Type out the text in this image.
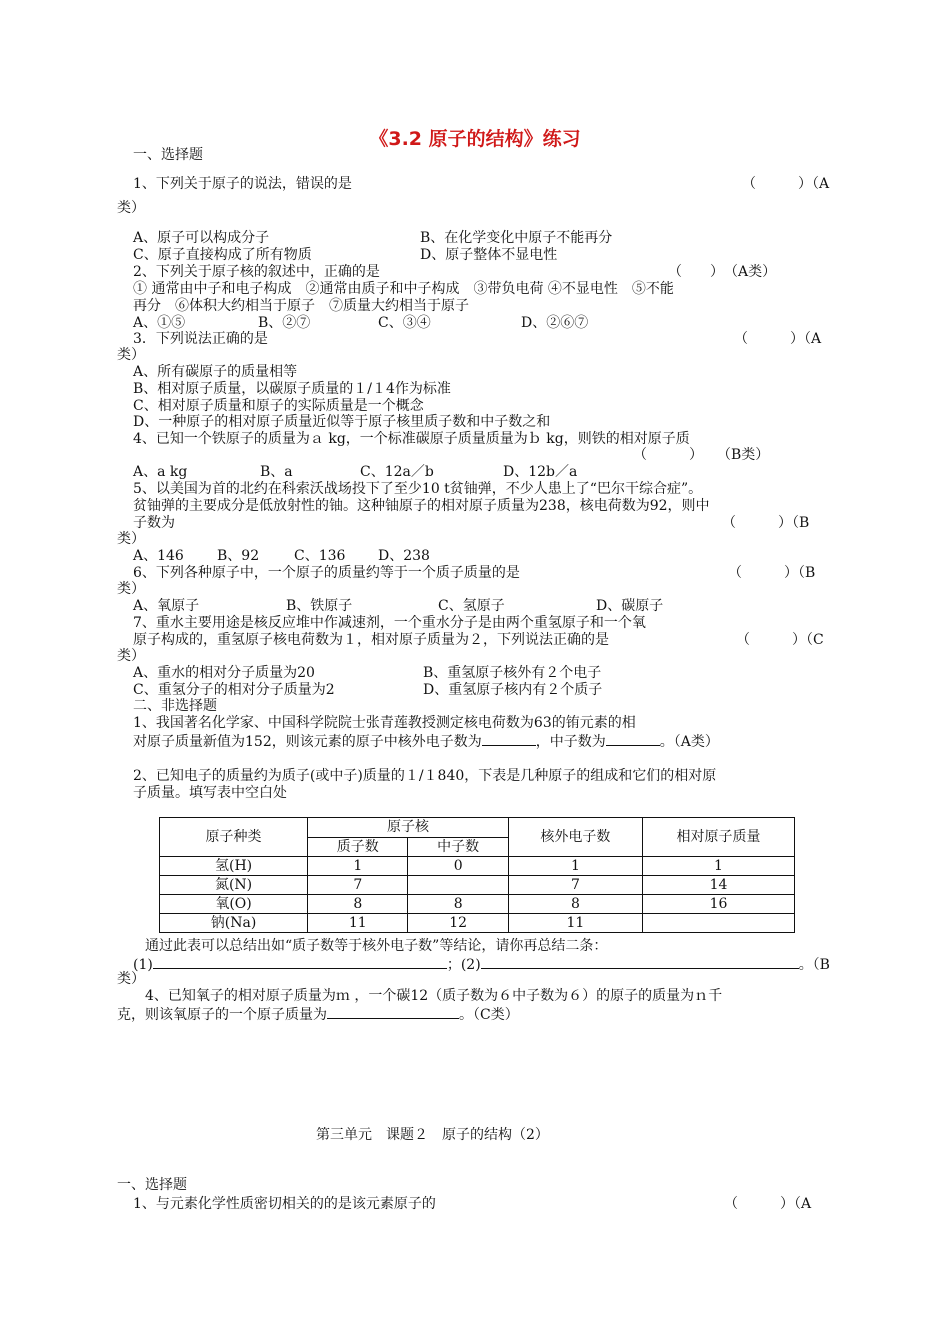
《3.2 原子的结构》练习
一、选择题
1、下列关于原子的说法，错误的是	（　　　）（A
类）
A、原子可以构成分子	B、在化学变化中原子不能再分
C、原子直接构成了所有物质	D、原子整体不显电性
2、下列关于原子核的叙述中，正确的是	（　　）　（A类）
① 通常由中子和电子构成　②通常由质子和中子构成　③带负电荷 ④不显电性　⑤不能
再分　⑥体积大约相当于原子　⑦质量大约相当于原子
A、①⑤	B、②⑦	C、③④	D、②⑥⑦
3．下列说法正确的是	（　　　）（A
类）
A、所有碳原子的质量相等
B、相对原子质量，以碳原子质量的１/１4作为标准
C、相对原子质量和原子的实际质量是一个概念
D、一种原子的相对原子质量近似等于原子核里质子数和中子数之和
4、已知一个铁原子的质量为ａ kg，一个标准碳原子质量质量为ｂ kg，则铁的相对原子质
（　　　）　　（B类）
A、a kg	B、a	C、12a／b	D、12b／a
5、以美国为首的北约在科索沃战场投下了至少10 t贫铀弹，不少人患上了“巴尔干综合症”。
贫铀弹的主要成分是低放射性的铀。这种铀原子的相对原子质量为238，核电荷数为92，则中
子数为	（　　　）（B
类）
A、146 B、92 C、136 D、238
6、下列各种原子中，一个原子的质量约等于一个质子质量的是	（　　　）（B
类）
A、氧原子	B、铁原子	C、氢原子	D、碳原子
7、重水主要用途是核反应堆中作减速剂，一个重水分子是由两个重氢原子和一个氧
原子构成的，重氢原子核电荷数为１，相对原子质量为２，下列说法正确的是	（　　　）（C
类）
A、重水的相对分子质量为20	B、重氢原子核外有２个电子
C、重氢分子的相对分子质量为2	D、重氢原子核内有２个质子
二、非选择题
1、我国著名化学家、中国科学院院士张青莲教授测定核电荷数为63的铕元素的相
对原子质量新值为152，则该元素的原子中核外电子数为	，中子数为	。（A类）
2、已知电子的质量约为质子(或中子)质量的１/１840，下表是几种原子的组成和它们的相对原
子质量。填写表中空白处
原子种类	原子核		核外电子数	相对原子质量
	质子数	中子数		
氢(H)	1	0	1	1
氮(N)	7		7	14
氧(O)	8	8	8	16
钠(Na)	11	12	11	
通过此表可以总结出如“质子数等于核外电子数”等结论，请你再总结二条：
(1)	；(2)	。（B
类）
4、已知氧子的相对原子质量为ｍ ，一个碳12（质子数为６中子数为６）的原子的质量为ｎ千
克，则该氧原子的一个原子质量为	。（C类）
第三单元　课题２　原子的结构（2）
一、选择题
1、与元素化学性质密切相关的的是该元素原子的	（　　　）（A
